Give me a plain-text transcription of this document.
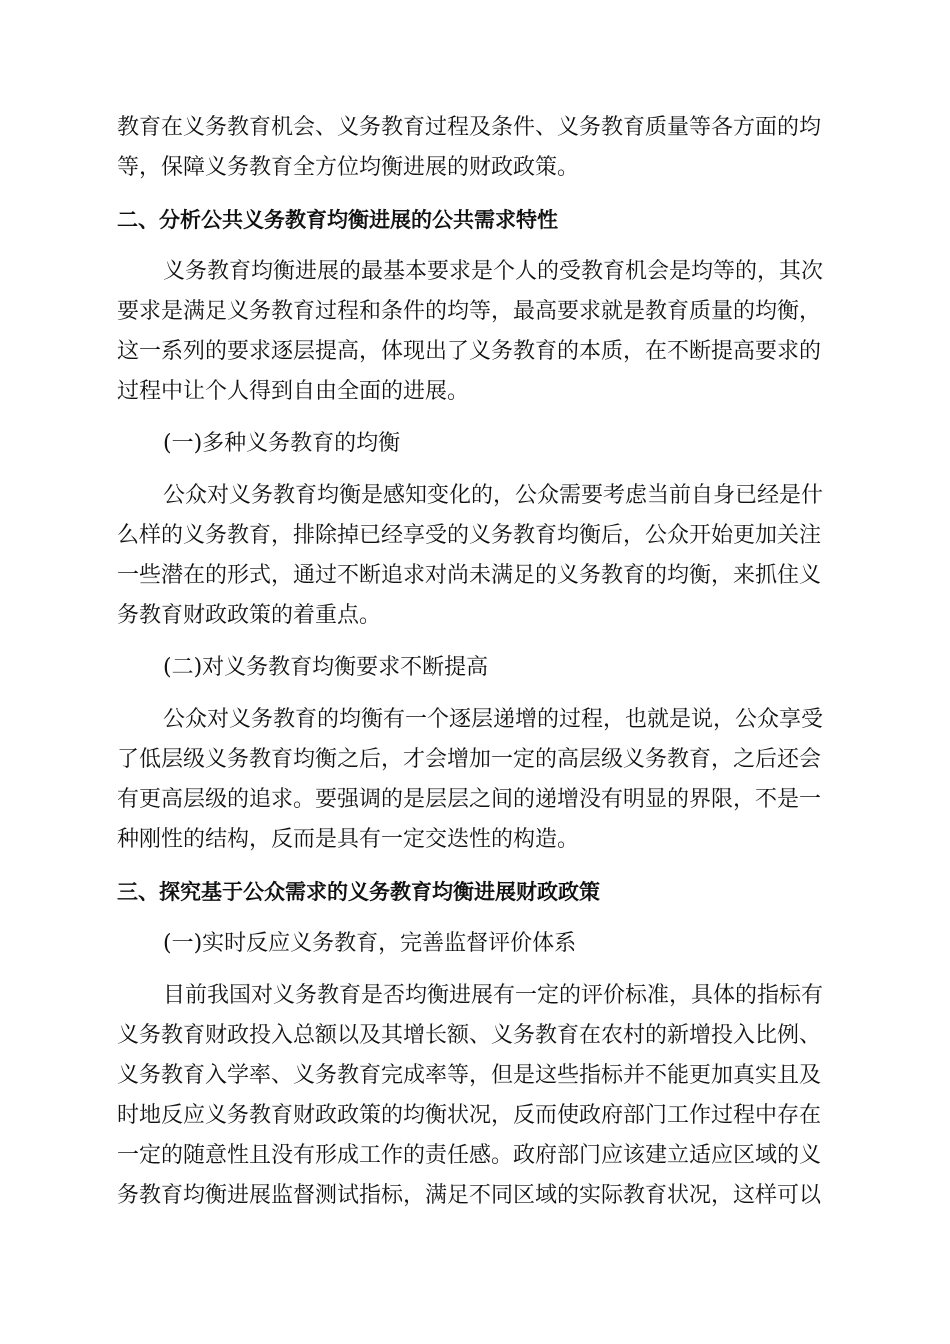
教育在义务教育机会、义务教育过程及条件、义务教育质量等各方面的均
等，保障义务教育全方位均衡进展的财政政策。
二、分析公共义务教育均衡进展的公共需求特性
义务教育均衡进展的最基本要求是个人的受教育机会是均等的，其次
要求是满足义务教育过程和条件的均等，最高要求就是教育质量的均衡，
这一系列的要求逐层提高，体现出了义务教育的本质，在不断提高要求的
过程中让个人得到自由全面的进展。
(一)多种义务教育的均衡
公众对义务教育均衡是感知变化的，公众需要考虑当前自身已经是什
么样的义务教育，排除掉已经享受的义务教育均衡后，公众开始更加关注
一些潜在的形式，通过不断追求对尚未满足的义务教育的均衡，来抓住义
务教育财政政策的着重点。
(二)对义务教育均衡要求不断提高
公众对义务教育的均衡有一个逐层递增的过程，也就是说，公众享受
了低层级义务教育均衡之后，才会增加一定的高层级义务教育，之后还会
有更高层级的追求。要强调的是层层之间的递增没有明显的界限，不是一
种刚性的结构，反而是具有一定交迭性的构造。
三、探究基于公众需求的义务教育均衡进展财政政策
(一)实时反应义务教育，完善监督评价体系
目前我国对义务教育是否均衡进展有一定的评价标准，具体的指标有
义务教育财政投入总额以及其增长额、义务教育在农村的新增投入比例、
义务教育入学率、义务教育完成率等，但是这些指标并不能更加真实且及
时地反应义务教育财政政策的均衡状况，反而使政府部门工作过程中存在
一定的随意性且没有形成工作的责任感。政府部门应该建立适应区域的义
务教育均衡进展监督测试指标，满足不同区域的实际教育状况，这样可以
